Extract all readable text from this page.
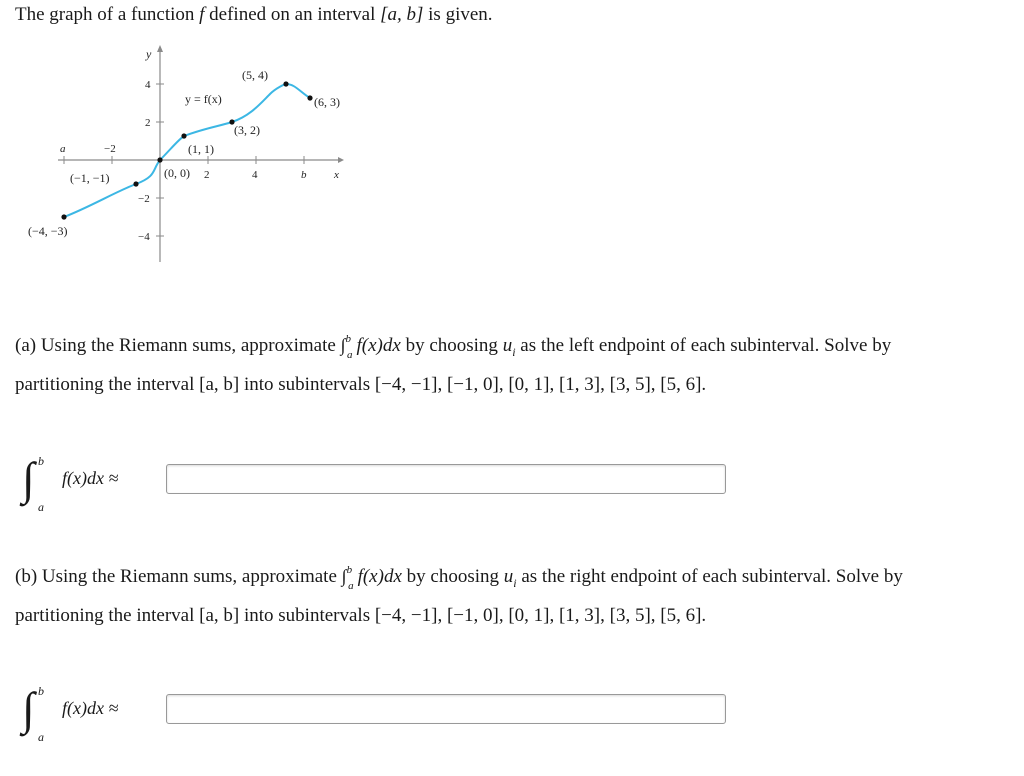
The graph of a function f defined on an interval [a, b] is given.
y
4
2
−2
−4
a	−2
2	4	b	x
y = f(x)
(−4, −3)
(−1, −1)	(0, 0)
(1, 1)
(3, 2)
(5, 4)
(6, 3)
(a) Using the Riemann sums, approximate ∫$^b_a$ f(x)dx by choosing $u_i$ as the left endpoint of each subinterval. Solve by
partitioning the interval [a, b] into subintervals [−4, −1], [−1, 0], [0, 1], [1, 3], [3, 5], [5, 6].
∫ b
a
f(x)dx ≈
(b) Using the Riemann sums, approximate ∫$^b_a$ f(x)dx by choosing $u_i$ as the right endpoint of each subinterval. Solve by
partitioning the interval [a, b] into subintervals [−4, −1], [−1, 0], [0, 1], [1, 3], [3, 5], [5, 6].
∫ b
a
f(x)dx ≈
